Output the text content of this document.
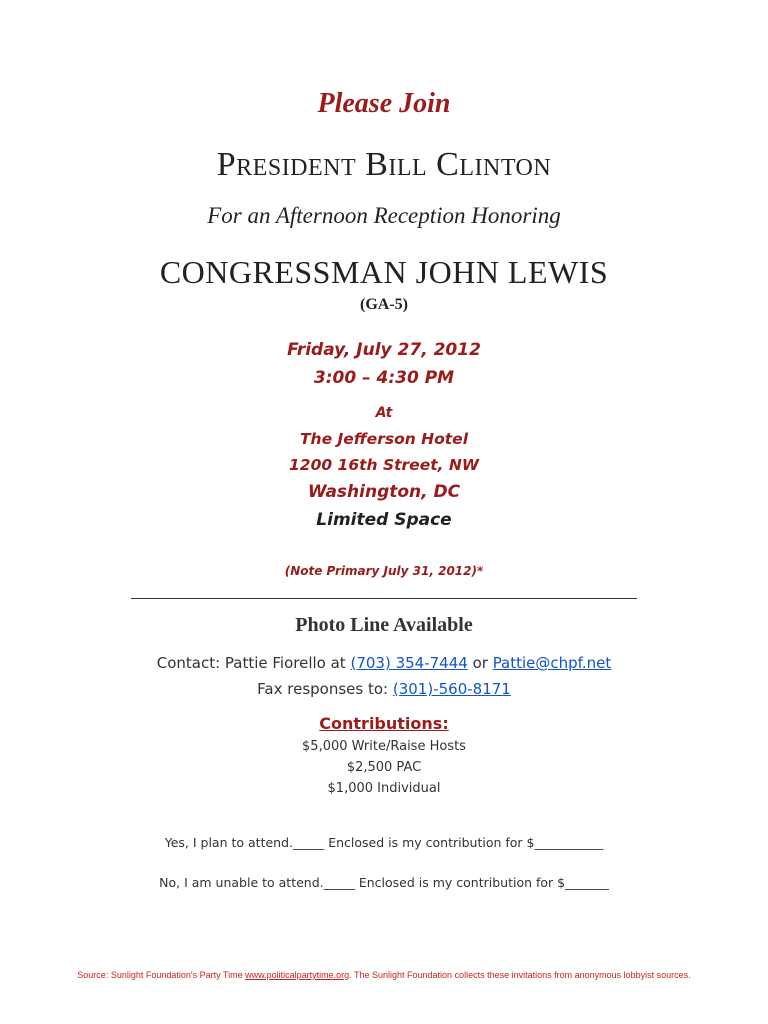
Please Join
President Bill Clinton
For an Afternoon Reception Honoring
CONGRESSMAN JOHN LEWIS
(GA-5)
Friday, July 27, 2012
3:00 – 4:30 PM
At
The Jefferson Hotel
1200 16th Street, NW
Washington, DC
Limited Space
(Note Primary July 31, 2012)*
Photo Line Available
Contact: Pattie Fiorello at (703) 354-7444 or Pattie@chpf.net
Fax responses to: (301)-560-8171
Contributions:
$5,000 Write/Raise Hosts
$2,500 PAC
$1,000 Individual
Yes, I plan to attend._____ Enclosed is my contribution for $___________
No, I am unable to attend._____ Enclosed is my contribution for $_______
Source: Sunlight Foundation's Party Time www.politicalpartytime.org. The Sunlight Foundation collects these invitations from anonymous lobbyist sources.
